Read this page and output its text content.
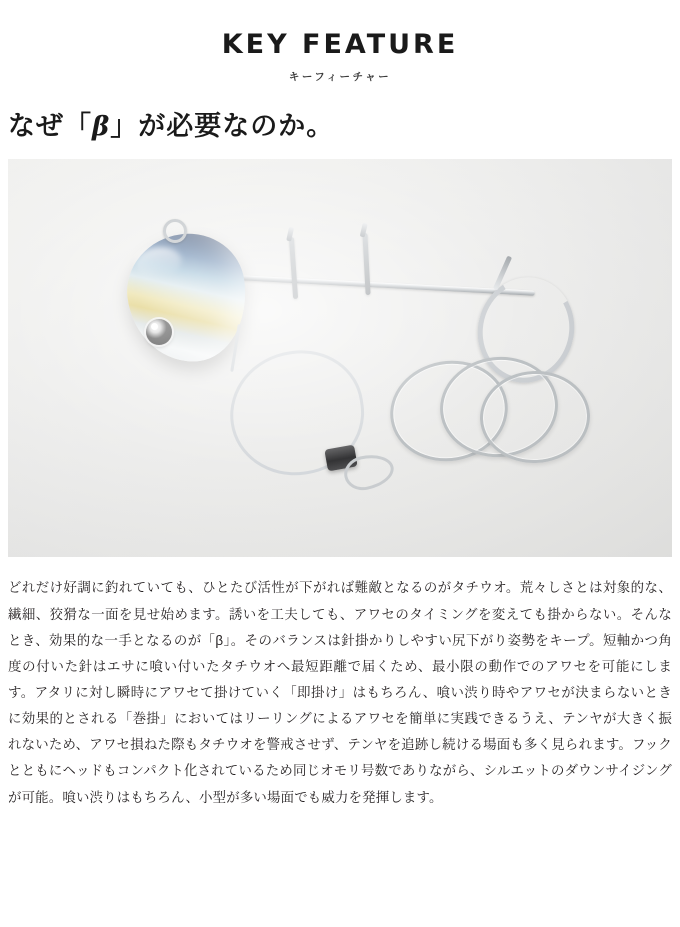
KEY FEATURE
キーフィーチャー
なぜ「β」が必要なのか。

どれだけ好調に釣れていても、ひとたび活性が下がれば難敵となるのがタチウオ。荒々しさとは対象的な、繊細、狡猾な一面を見せ始めます。誘いを工夫しても、アワセのタイミングを変えても掛からない。そんなとき、効果的な一手となるのが「β」。そのバランスは針掛かりしやすい尻下がり姿勢をキープ。短軸かつ角度の付いた針はエサに喰い付いたタチウオへ最短距離で届くため、最小限の動作でのアワセを可能にします。アタリに対し瞬時にアワセて掛けていく「即掛け」はもちろん、喰い渋り時やアワセが決まらないときに効果的とされる「巻掛」においてはリーリングによるアワセを簡単に実践できるうえ、テンヤが大きく振れないため、アワセ損ねた際もタチウオを警戒させず、テンヤを追跡し続ける場面も多く見られます。フックとともにヘッドもコンパクト化されているため同じオモリ号数でありながら、シルエットのダウンサイジングが可能。喰い渋りはもちろん、小型が多い場面でも威力を発揮します。
